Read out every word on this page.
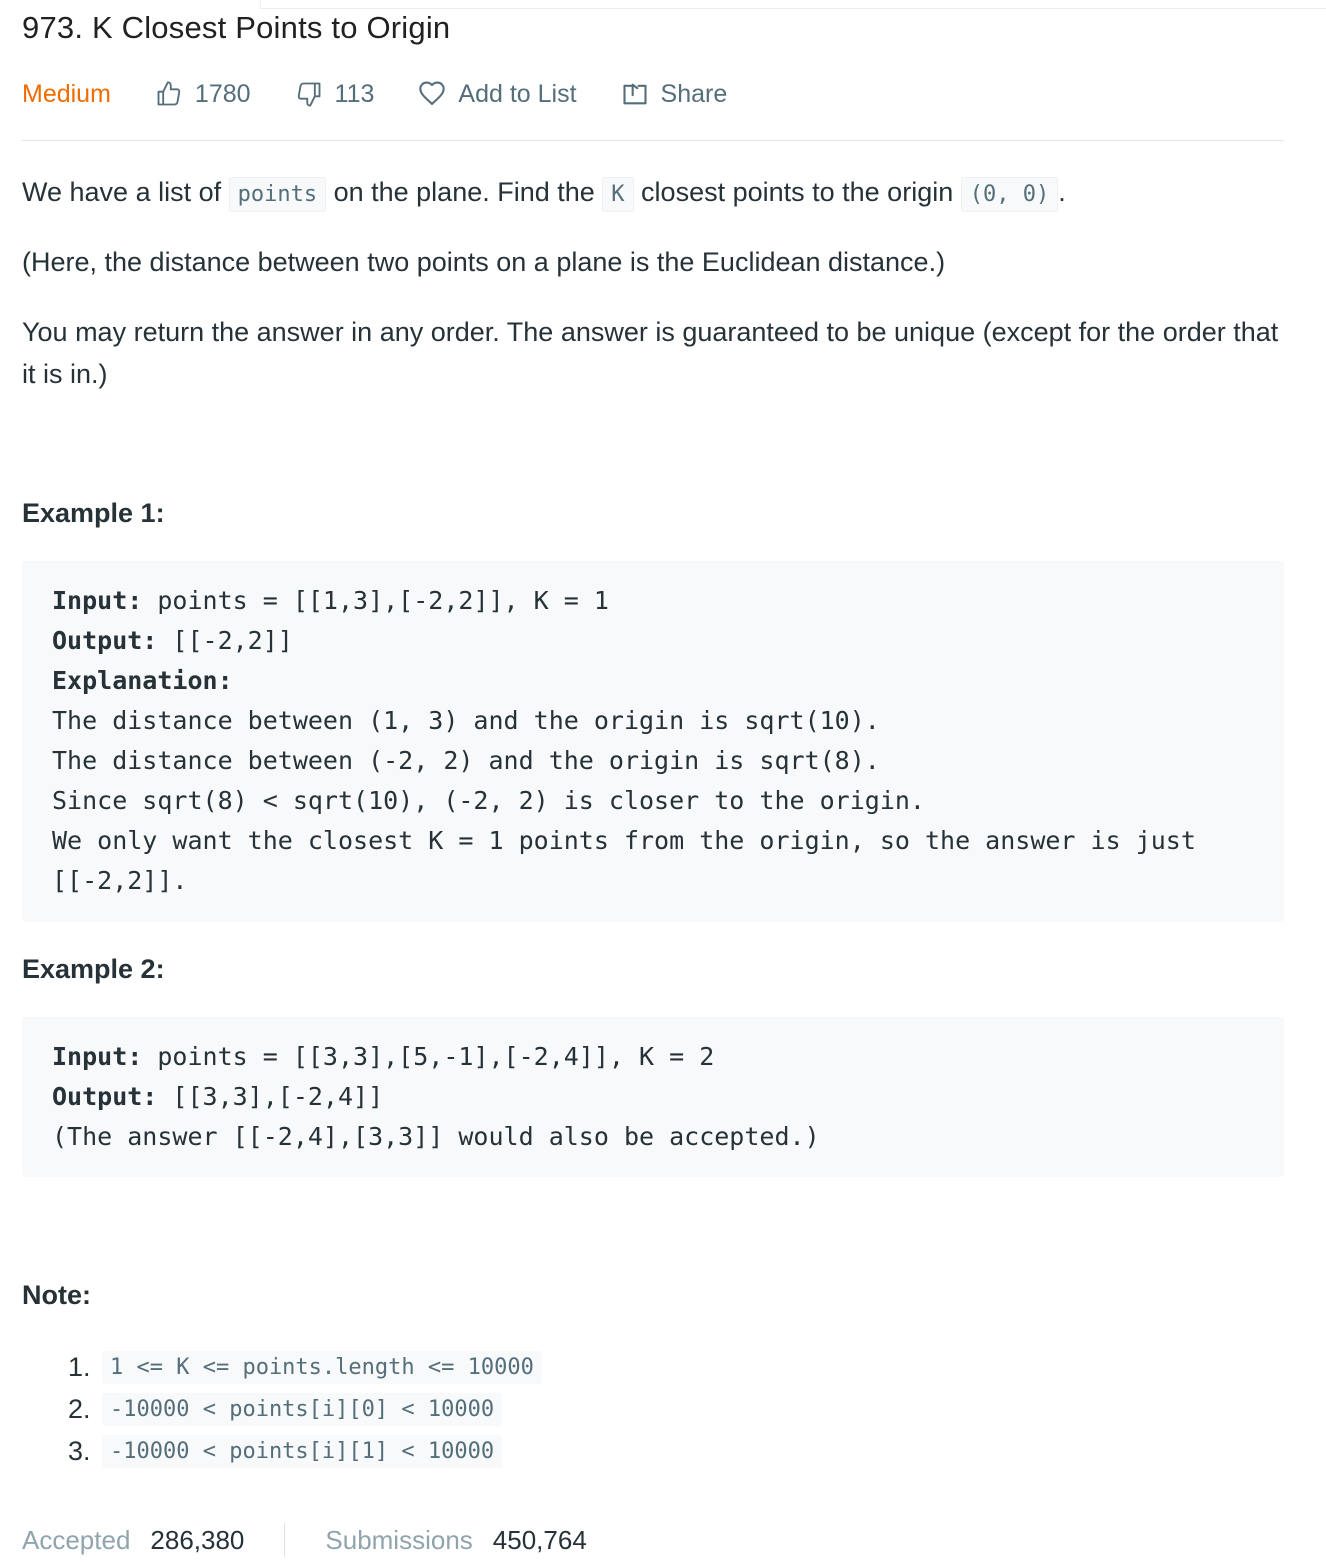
973. K Closest Points to Origin
Medium	1780	113	Add to List	Share

We have a list of points on the plane. Find the K closest points to the origin (0, 0) .

(Here, the distance between two points on a plane is the Euclidean distance.)

You may return the answer in any order. The answer is guaranteed to be unique (except for the order that it is in.)

Example 1:
Input: points = [[1,3],[-2,2]], K = 1
Output: [[-2,2]]
Explanation:
The distance between (1, 3) and the origin is sqrt(10).
The distance between (-2, 2) and the origin is sqrt(8).
Since sqrt(8) < sqrt(10), (-2, 2) is closer to the origin.
We only want the closest K = 1 points from the origin, so the answer is just [[-2,2]].
Example 2:
Input: points = [[3,3],[5,-1],[-2,4]], K = 2
Output: [[3,3],[-2,4]]
(The answer [[-2,4],[3,3]] would also be accepted.)
Note:
1. 1 <= K <= points.length <= 10000
2. -10000 < points[i][0] < 10000
3. -10000 < points[i][1] < 10000
Accepted 286,380	Submissions 450,764
